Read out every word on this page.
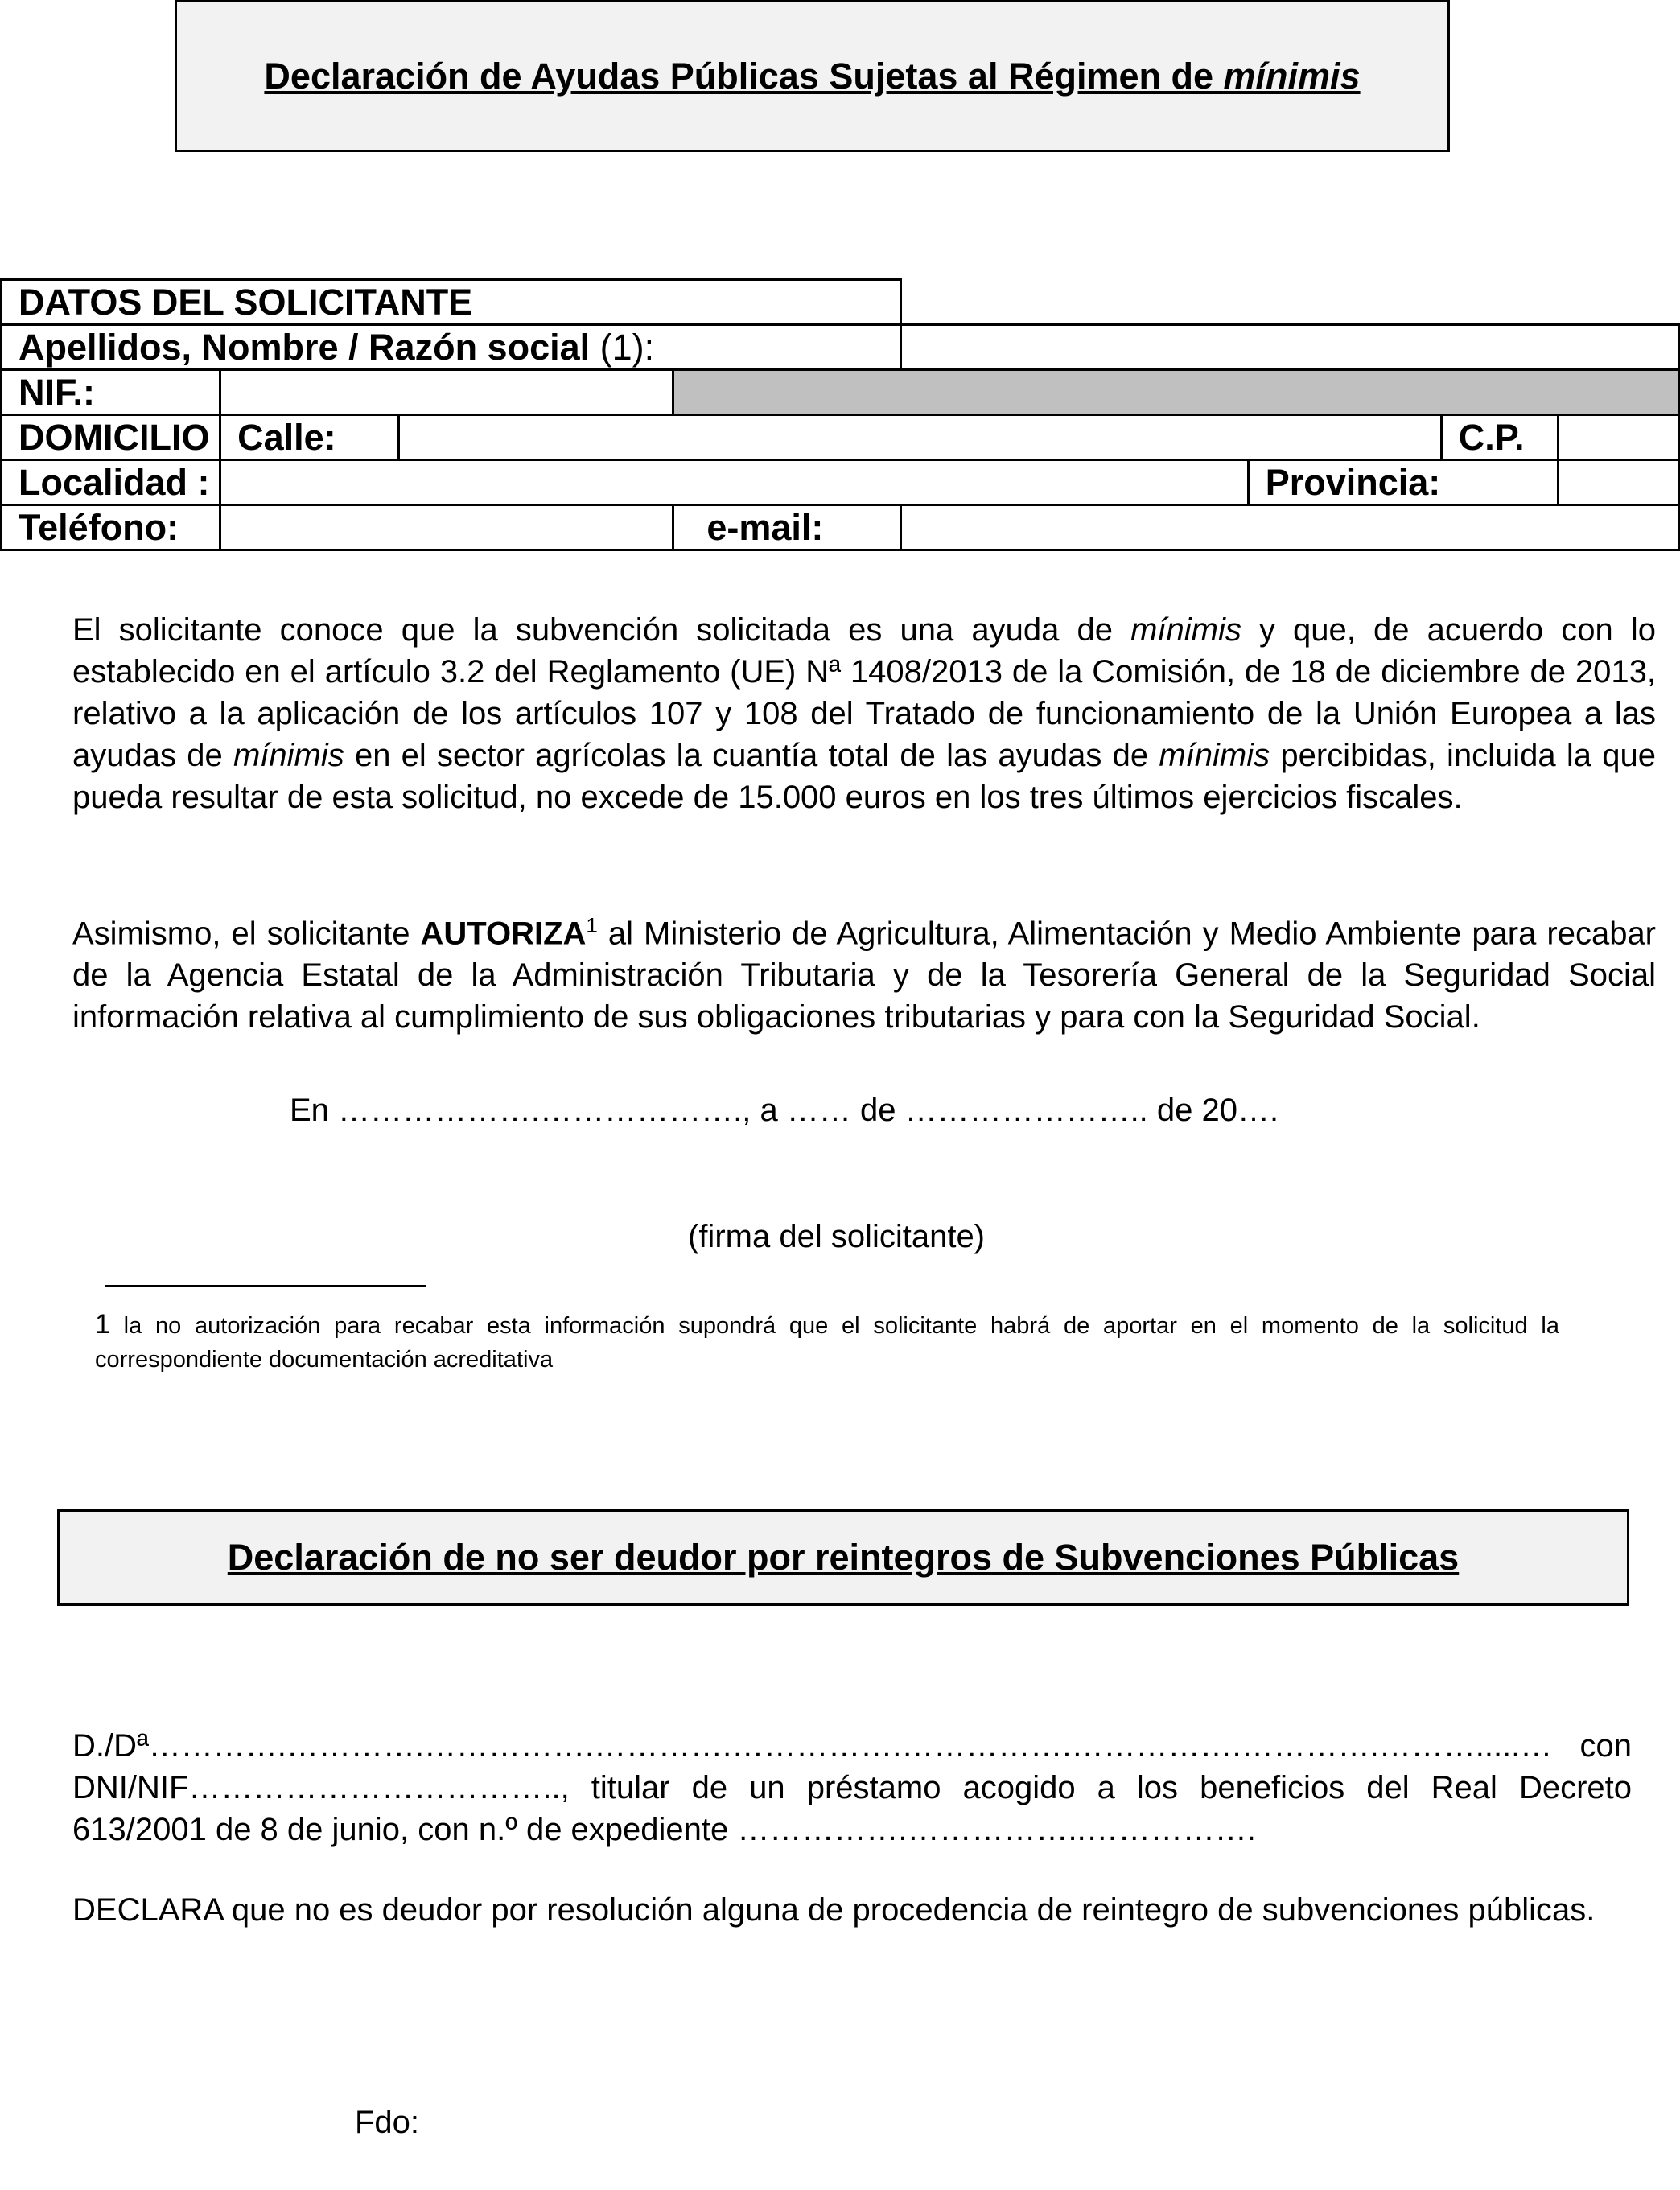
Declaración de Ayudas Públicas Sujetas al Régimen de mínimis
DATOS DEL SOLICITANTE							
Apellidos, Nombre / Razón social (1):							
NIF.:							
DOMICILIO	Calle:					C.P.	
Localidad :					Provincia:		
Teléfono:			e-mail:				
El solicitante conoce que la subvención solicitada es una ayuda de mínimis y que, de acuerdo con lo establecido en el artículo 3.2 del Reglamento (UE) Nª 1408/2013 de la Comisión, de 18 de diciembre de 2013, relativo a la aplicación de los artículos 107 y 108 del Tratado de funcionamiento de la Unión Europea a las ayudas de mínimis en el sector agrícolas la cuantía total de las ayudas de mínimis percibidas, incluida la que pueda resultar de esta solicitud, no excede de 15.000 euros en los tres últimos ejercicios fiscales.
Asimismo, el solicitante AUTORIZA$^1$ al Ministerio de Agricultura, Alimentación y Medio Ambiente para recabar de la Agencia Estatal de la Administración Tributaria y de la Tesorería General de la Seguridad Social información relativa al cumplimiento de sus obligaciones tributarias y para con la Seguridad Social.
En ……………….………………., a …… de ………………….. de 20….
(firma del solicitante)
1 la no autorización para recabar esta información supondrá que el solicitante habrá de aportar en el momento de la solicitud la correspondiente documentación acreditativa
Declaración de no ser deudor por reintegros de Subvenciones Públicas
D./Dª………….………….…………….………….…………….…………….…………….………….……….....… con DNI/NIF…………………………….., titular de un préstamo acogido a los beneficios del Real Decreto 613/2001 de 8 de junio, con n.º de expediente …………….……………..…………….
DECLARA que no es deudor por resolución alguna de procedencia de reintegro de subvenciones públicas.
Fdo:
